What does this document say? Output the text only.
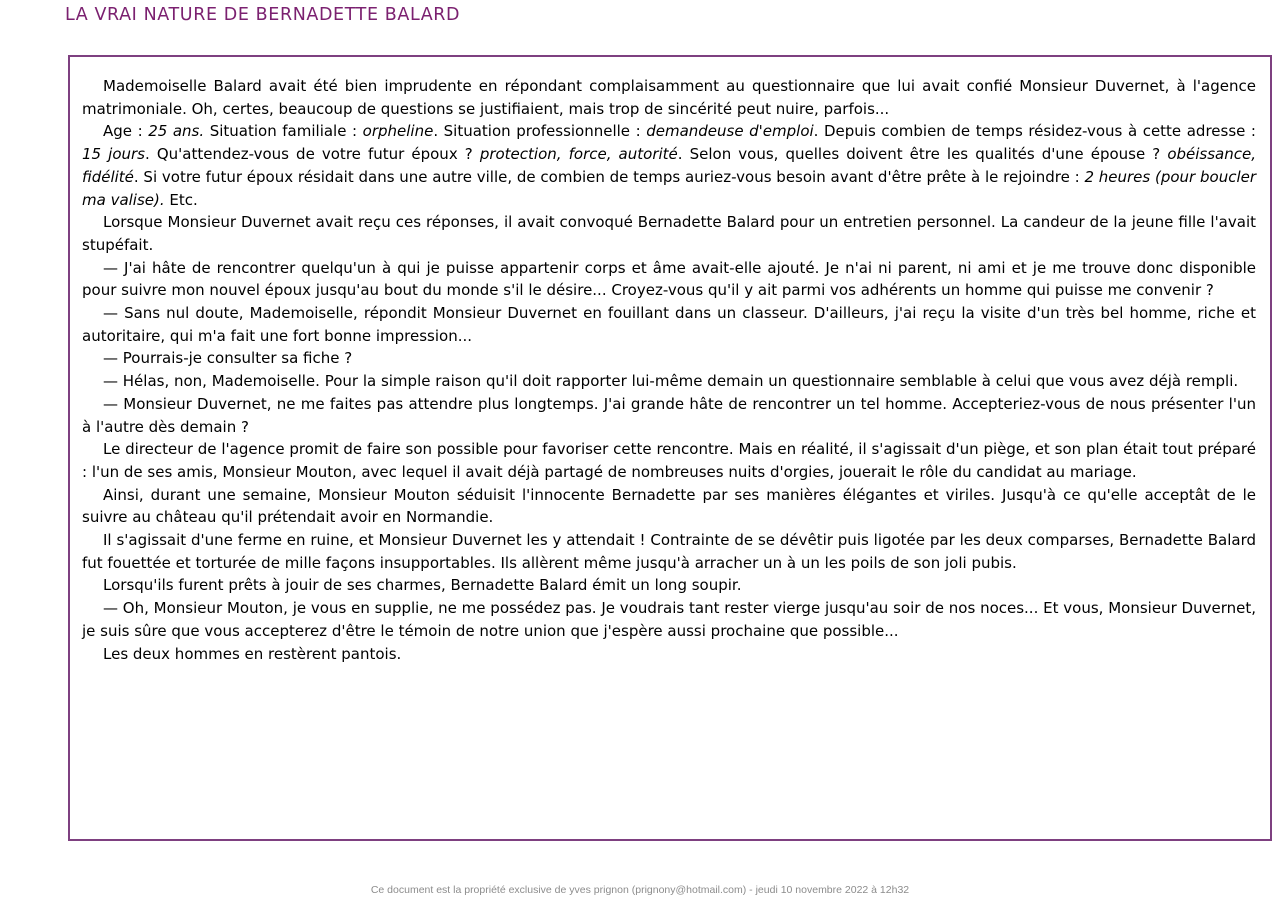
LA VRAI NATURE DE BERNADETTE BALARD

Mademoiselle Balard avait été bien imprudente en répondant complaisamment au questionnaire que lui avait confié Monsieur Duvernet, à l'agence matrimoniale. Oh, certes, beaucoup de questions se justifiaient, mais trop de sincérité peut nuire, parfois...

Age : 25 ans. Situation familiale : orpheline. Situation professionnelle : demandeuse d'emploi. Depuis combien de temps résidez-vous à cette adresse : 15 jours. Qu'attendez-vous de votre futur époux ? protection, force, autorité. Selon vous, quelles doivent être les qualités d'une épouse ? obéissance, fidélité. Si votre futur époux résidait dans une autre ville, de combien de temps auriez-vous besoin avant d'être prête à le rejoindre : 2 heures (pour boucler ma valise). Etc.

Lorsque Monsieur Duvernet avait reçu ces réponses, il avait convoqué Bernadette Balard pour un entretien personnel. La candeur de la jeune fille l'avait stupéfait.

— J'ai hâte de rencontrer quelqu'un à qui je puisse appartenir corps et âme avait-elle ajouté. Je n'ai ni parent, ni ami et je me trouve donc disponible pour suivre mon nouvel époux jusqu'au bout du monde s'il le désire... Croyez-vous qu'il y ait parmi vos adhérents un homme qui puisse me convenir ?

— Sans nul doute, Mademoiselle, répondit Monsieur Duvernet en fouillant dans un classeur. D'ailleurs, j'ai reçu la visite d'un très bel homme, riche et autoritaire, qui m'a fait une fort bonne impression...

— Pourrais-je consulter sa fiche ?

— Hélas, non, Mademoiselle. Pour la simple raison qu'il doit rapporter lui-même demain un questionnaire semblable à celui que vous avez déjà rempli.

— Monsieur Duvernet, ne me faites pas attendre plus longtemps. J'ai grande hâte de rencontrer un tel homme. Accepteriez-vous de nous présenter l'un à l'autre dès demain ?

Le directeur de l'agence promit de faire son possible pour favoriser cette rencontre. Mais en réalité, il s'agissait d'un piège, et son plan était tout préparé : l'un de ses amis, Monsieur Mouton, avec lequel il avait déjà partagé de nombreuses nuits d'orgies, jouerait le rôle du candidat au mariage.

Ainsi, durant une semaine, Monsieur Mouton séduisit l'innocente Bernadette par ses manières élégantes et viriles. Jusqu'à ce qu'elle acceptât de le suivre au château qu'il prétendait avoir en Normandie.

Il s'agissait d'une ferme en ruine, et Monsieur Duvernet les y attendait ! Contrainte de se dévêtir puis ligotée par les deux comparses, Bernadette Balard fut fouettée et torturée de mille façons insupportables. Ils allèrent même jusqu'à arracher un à un les poils de son joli pubis.

Lorsqu'ils furent prêts à jouir de ses charmes, Bernadette Balard émit un long soupir.

— Oh, Monsieur Mouton, je vous en supplie, ne me possédez pas. Je voudrais tant rester vierge jusqu'au soir de nos noces... Et vous, Monsieur Duvernet, je suis sûre que vous accepterez d'être le témoin de notre union que j'espère aussi prochaine que possible...

Les deux hommes en restèrent pantois.

Ce document est la propriété exclusive de yves prignon (prignony@hotmail.com) - jeudi 10 novembre 2022 à 12h32
